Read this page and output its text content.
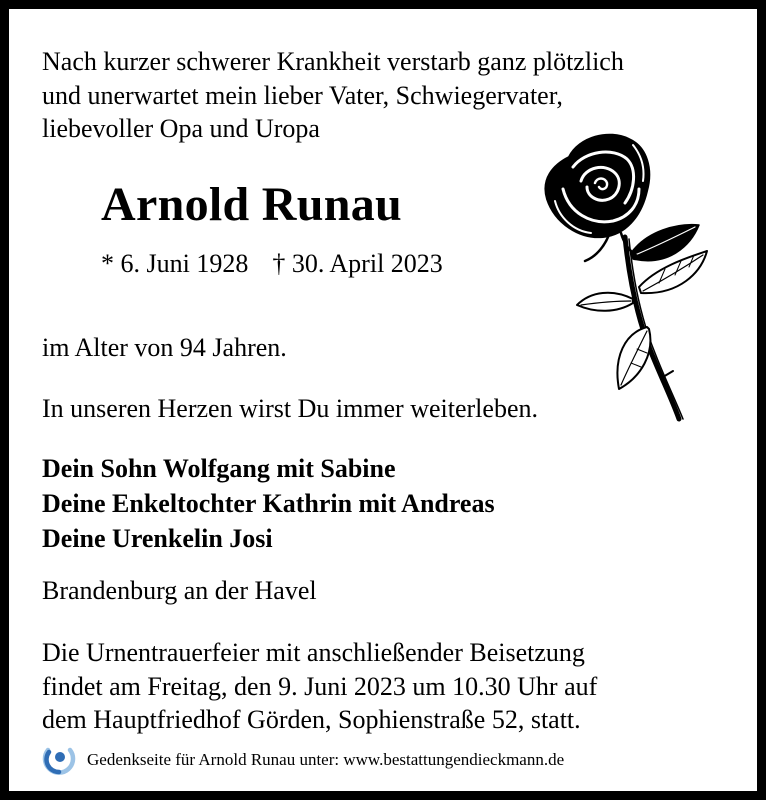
Nach kurzer schwerer Krankheit verstarb ganz plötzlich
und unerwartet mein lieber Vater, Schwiegervater,
liebevoller Opa und Uropa
Arnold Runau
* 6. Juni 1928 † 30. April 2023
im Alter von 94 Jahren.
In unseren Herzen wirst Du immer weiterleben.
Dein Sohn Wolfgang mit Sabine
Deine Enkeltochter Kathrin mit Andreas
Deine Urenkelin Josi
Brandenburg an der Havel
Die Urnentrauerfeier mit anschließender Beisetzung
findet am Freitag, den 9. Juni 2023 um 10.30 Uhr auf
dem Hauptfriedhof Görden, Sophienstraße 52, statt.
Gedenkseite für Arnold Runau unter: www.bestattungendieckmann.de
